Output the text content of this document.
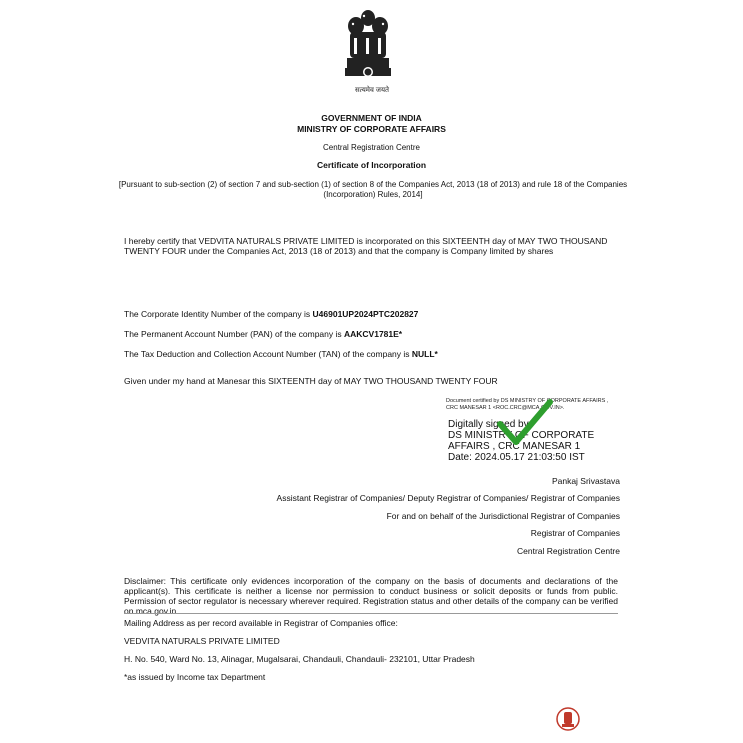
सत्यमेव जयते
GOVERNMENT OF INDIA
MINISTRY OF CORPORATE AFFAIRS
Central Registration Centre
Certificate of Incorporation
[Pursuant to sub-section (2) of section 7 and sub-section (1) of section 8 of the Companies Act, 2013 (18 of 2013) and rule 18 of the Companies (Incorporation) Rules, 2014]
I hereby certify that VEDVITA NATURALS PRIVATE LIMITED is incorporated on this SIXTEENTH day of MAY TWO THOUSAND TWENTY FOUR under the Companies Act, 2013 (18 of 2013) and that the company is Company limited by shares
The Corporate Identity Number of the company is U46901UP2024PTC202827
The Permanent Account Number (PAN) of the company is AAKCV1781E*
The Tax Deduction and Collection Account Number (TAN) of the company is NULL*
Given under my hand at Manesar this SIXTEENTH day of MAY TWO THOUSAND TWENTY FOUR
Document certified by DS MINISTRY OF CORPORATE AFFAIRS , CRC MANESAR 1 <ROC.CRC@MCA.GOV.IN>.
Digitally signed by
DS MINISTRY OF CORPORATE
AFFAIRS , CRC MANESAR 1
Date: 2024.05.17 21:03:50 IST
Pankaj Srivastava
Assistant Registrar of Companies/ Deputy Registrar of Companies/ Registrar of Companies
For and on behalf of the Jurisdictional Registrar of Companies
Registrar of Companies
Central Registration Centre
Disclaimer: This certificate only evidences incorporation of the company on the basis of documents and declarations of the applicant(s). This certificate is neither a license nor permission to conduct business or solicit deposits or funds from public. Permission of sector regulator is necessary wherever required. Registration status and other details of the company can be verified on mca.gov.in
Mailing Address as per record available in Registrar of Companies office:
VEDVITA NATURALS PRIVATE LIMITED
H. No. 540, Ward No. 13, Alinagar, Mugalsarai, Chandauli, Chandauli- 232101, Uttar Pradesh
*as issued by Income tax Department
